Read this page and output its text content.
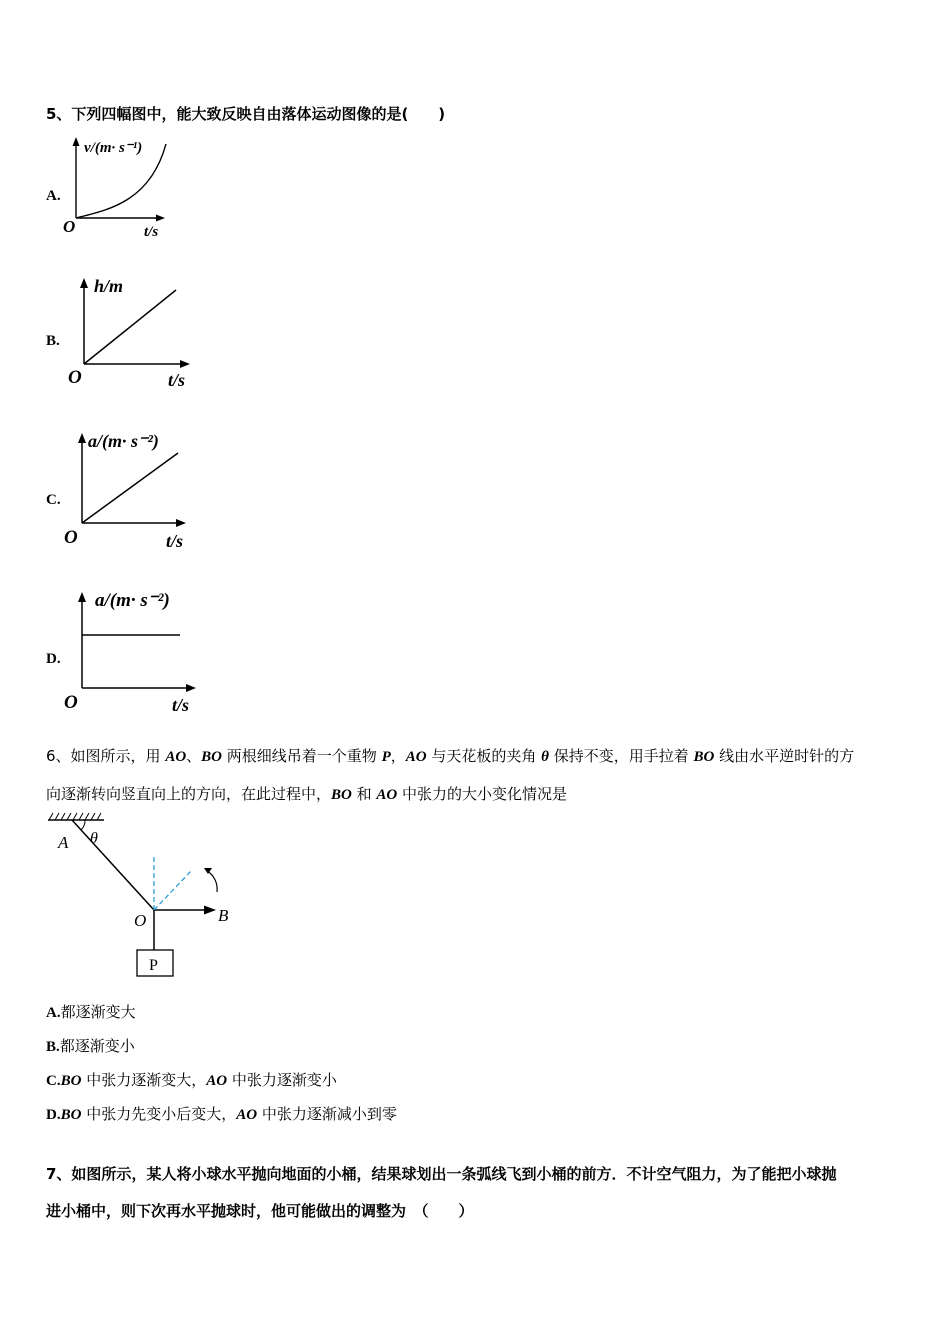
5、下列四幅图中，能大致反映自由落体运动图像的是(　　)
A.
v/(m· s⁻¹)
O	t/s
B.
h/m
O	t/s
C.
a/(m· s⁻²)
O	t/s
D.
a/(m· s⁻²)
O	t/s
6、如图所示，用 AO、BO 两根细线吊着一个重物 P，AO 与天花板的夹角 θ 保持不变，用手拉着 BO 线由水平逆时针的方
向逐渐转向竖直向上的方向，在此过程中，BO 和 AO 中张力的大小变化情况是
A θ
O	B
P
A.都逐渐变大
B.都逐渐变小
C.BO 中张力逐渐变大，AO 中张力逐渐变小
D.BO 中张力先变小后变大，AO 中张力逐渐减小到零
7、如图所示，某人将小球水平抛向地面的小桶，结果球划出一条弧线飞到小桶的前方．不计空气阻力，为了能把小球抛
进小桶中，则下次再水平抛球时，他可能做出的调整为　（　　）
